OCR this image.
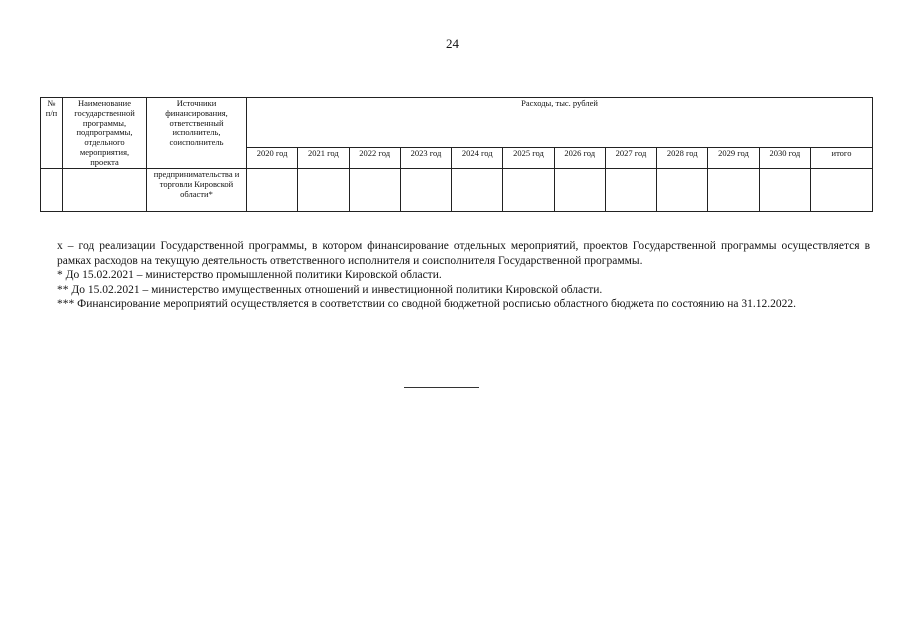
24
№ п/п	Наименование государственной программы, подпрограммы, отдельного мероприятия, проекта	Источники финансирования, ответственный исполнитель, соисполнитель	Расходы, тыс. рублей											
			2020 год	2021 год	2022 год	2023 год	2024 год	2025 год	2026 год	2027 год	2028 год	2029 год	2030 год	итого
		предпринимательства и торговли Кировской области*												

х – год реализации Государственной программы, в котором финансирование отдельных мероприятий, проектов Государственной программы осуществляется в рамках расходов на текущую деятельность ответственного исполнителя и соисполнителя Государственной программы.

* До 15.02.2021 – министерство промышленной политики Кировской области.

** До 15.02.2021 – министерство имущественных отношений и инвестиционной политики Кировской области.

*** Финансирование мероприятий осуществляется в соответствии со сводной бюджетной росписью областного бюджета по состоянию на 31.12.2022.
